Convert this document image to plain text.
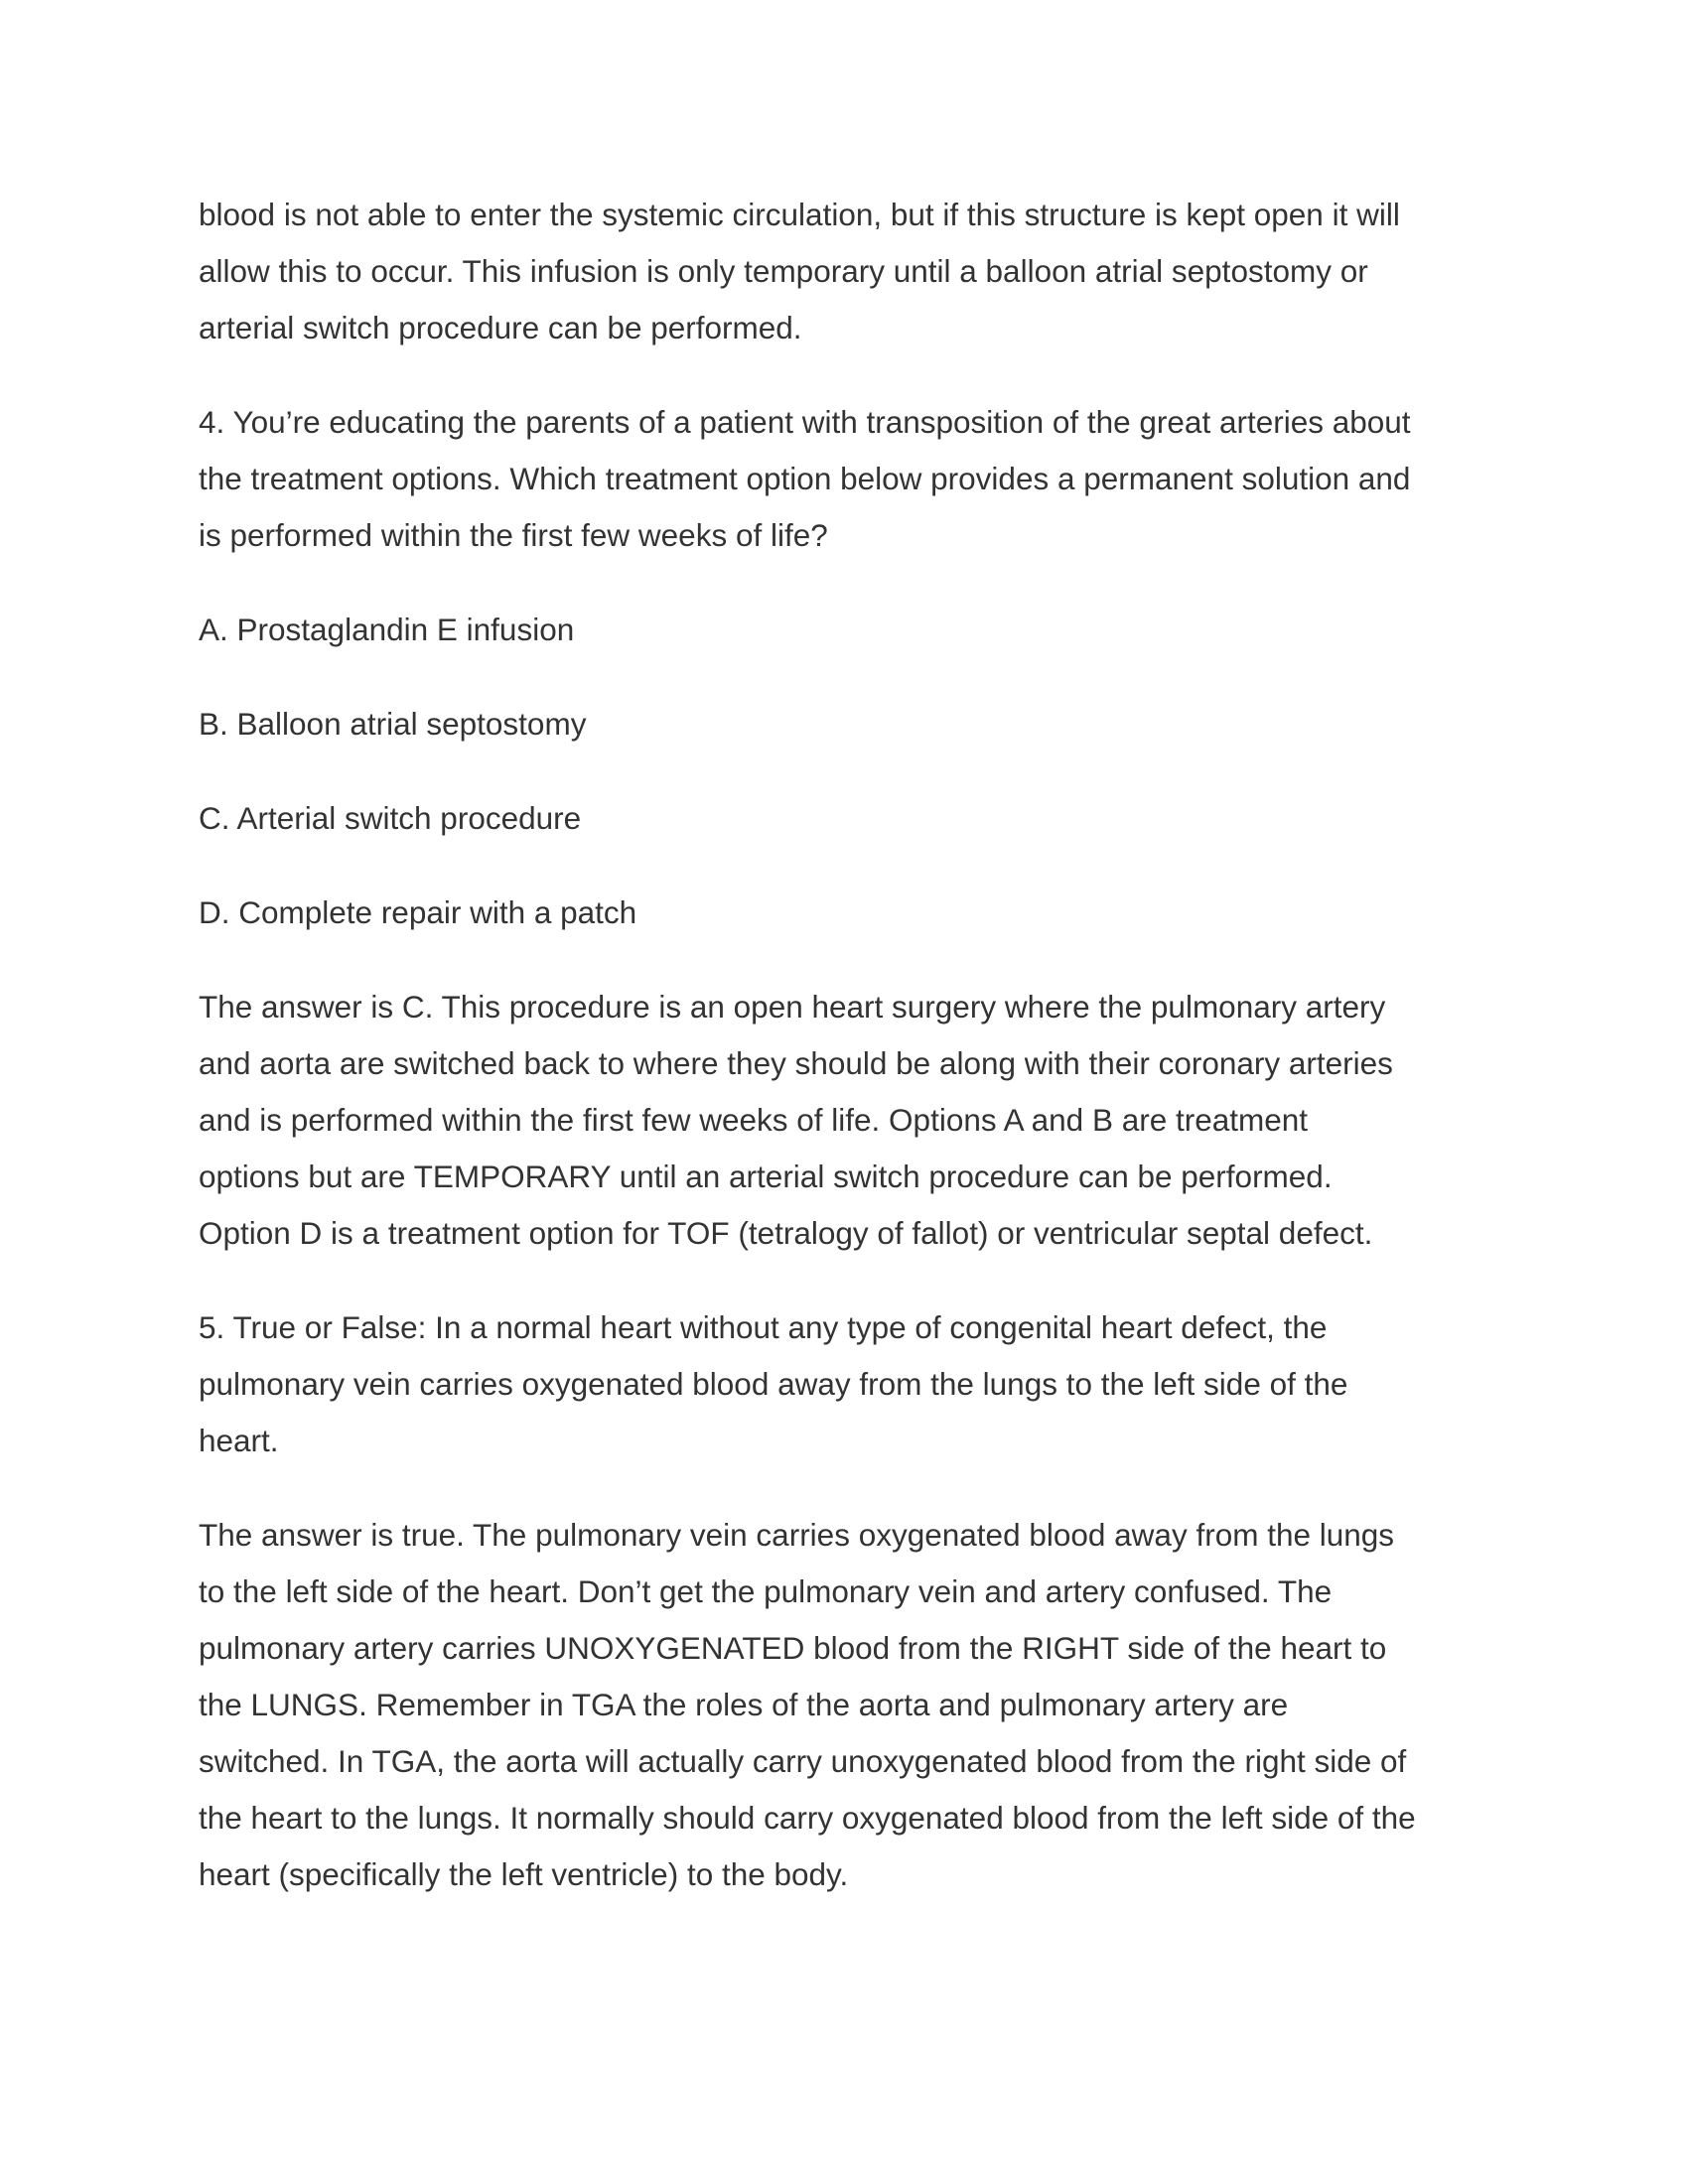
blood is not able to enter the systemic circulation, but if this structure is kept open it will
allow this to occur. This infusion is only temporary until a balloon atrial septostomy or
arterial switch procedure can be performed.

4. You’re educating the parents of a patient with transposition of the great arteries about
the treatment options. Which treatment option below provides a permanent solution and
is performed within the first few weeks of life?

A. Prostaglandin E infusion

B. Balloon atrial septostomy

C. Arterial switch procedure

D. Complete repair with a patch

The answer is C. This procedure is an open heart surgery where the pulmonary artery
and aorta are switched back to where they should be along with their coronary arteries
and is performed within the first few weeks of life. Options A and B are treatment
options but are TEMPORARY until an arterial switch procedure can be performed.
Option D is a treatment option for TOF (tetralogy of fallot) or ventricular septal defect.

5. True or False: In a normal heart without any type of congenital heart defect, the
pulmonary vein carries oxygenated blood away from the lungs to the left side of the
heart.

The answer is true. The pulmonary vein carries oxygenated blood away from the lungs
to the left side of the heart. Don’t get the pulmonary vein and artery confused. The
pulmonary artery carries UNOXYGENATED blood from the RIGHT side of the heart to
the LUNGS. Remember in TGA the roles of the aorta and pulmonary artery are
switched. In TGA, the aorta will actually carry unoxygenated blood from the right side of
the heart to the lungs. It normally should carry oxygenated blood from the left side of the
heart (specifically the left ventricle) to the body.
